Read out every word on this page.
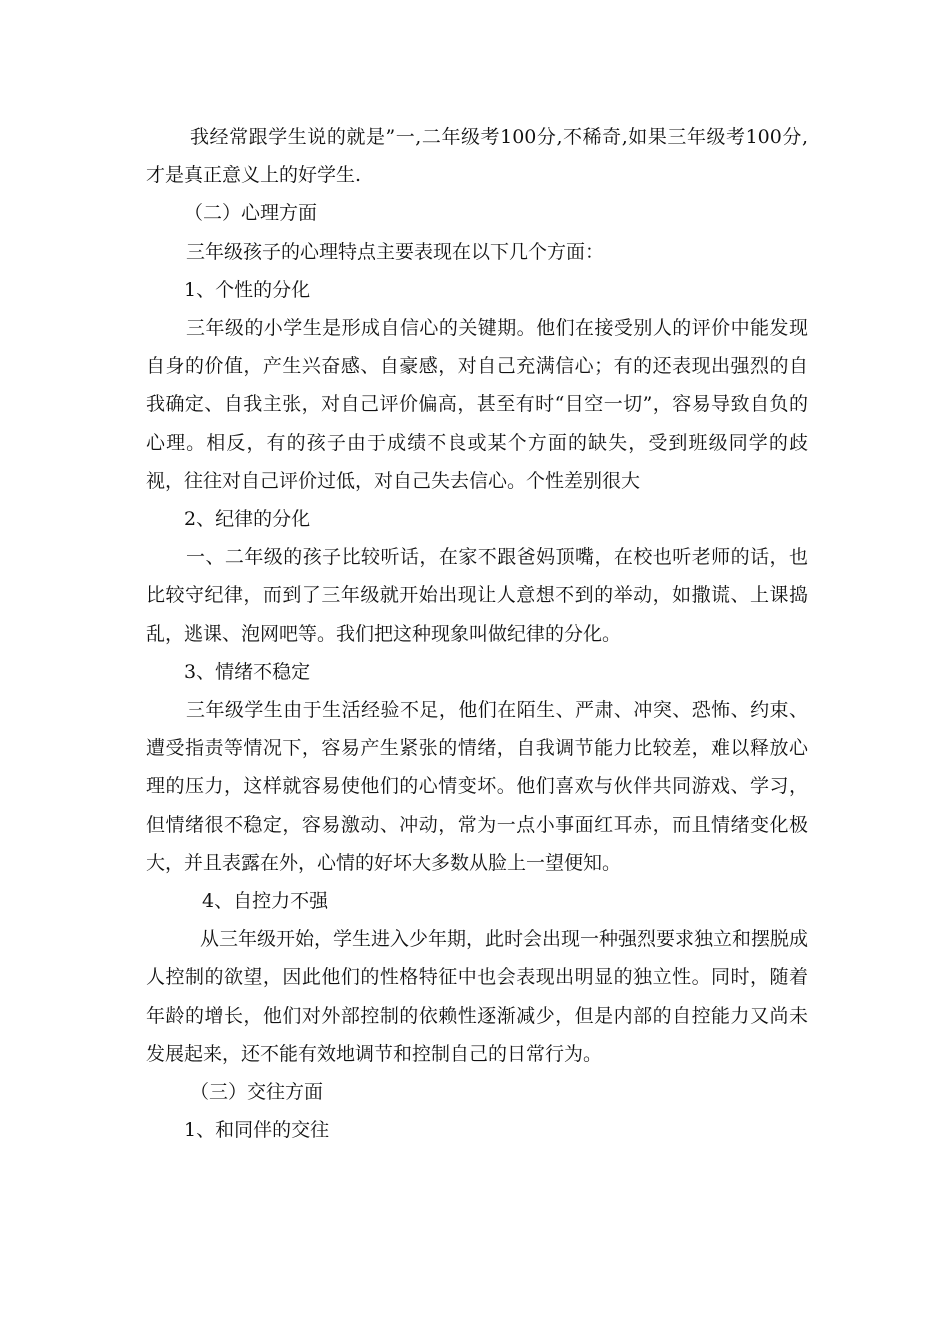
我经常跟学生说的就是”一,二年级考100分,不稀奇,如果三年级考100分,才是真正意义上的好学生.

（二）心理方面

三年级孩子的心理特点主要表现在以下几个方面：

1、个性的分化

三年级的小学生是形成自信心的关键期。他们在接受别人的评价中能发现自身的价值，产生兴奋感、自豪感，对自己充满信心；有的还表现出强烈的自我确定、自我主张，对自己评价偏高，甚至有时“目空一切”，容易导致自负的心理。相反，有的孩子由于成绩不良或某个方面的缺失，受到班级同学的歧视，往往对自己评价过低，对自己失去信心。个性差别很大

2、纪律的分化

一、二年级的孩子比较听话，在家不跟爸妈顶嘴，在校也听老师的话，也比较守纪律，而到了三年级就开始出现让人意想不到的举动，如撒谎、上课捣乱，逃课、泡网吧等。我们把这种现象叫做纪律的分化。

3、情绪不稳定

三年级学生由于生活经验不足，他们在陌生、严肃、冲突、恐怖、约束、遭受指责等情况下，容易产生紧张的情绪，自我调节能力比较差，难以释放心理的压力，这样就容易使他们的心情变坏。他们喜欢与伙伴共同游戏、学习，但情绪很不稳定，容易激动、冲动，常为一点小事面红耳赤，而且情绪变化极大，并且表露在外，心情的好坏大多数从脸上一望便知。

4、自控力不强

从三年级开始，学生进入少年期，此时会出现一种强烈要求独立和摆脱成人控制的欲望，因此他们的性格特征中也会表现出明显的独立性。同时，随着年龄的增长，他们对外部控制的依赖性逐渐减少，但是内部的自控能力又尚未发展起来，还不能有效地调节和控制自己的日常行为。

（三）交往方面

1、和同伴的交往
